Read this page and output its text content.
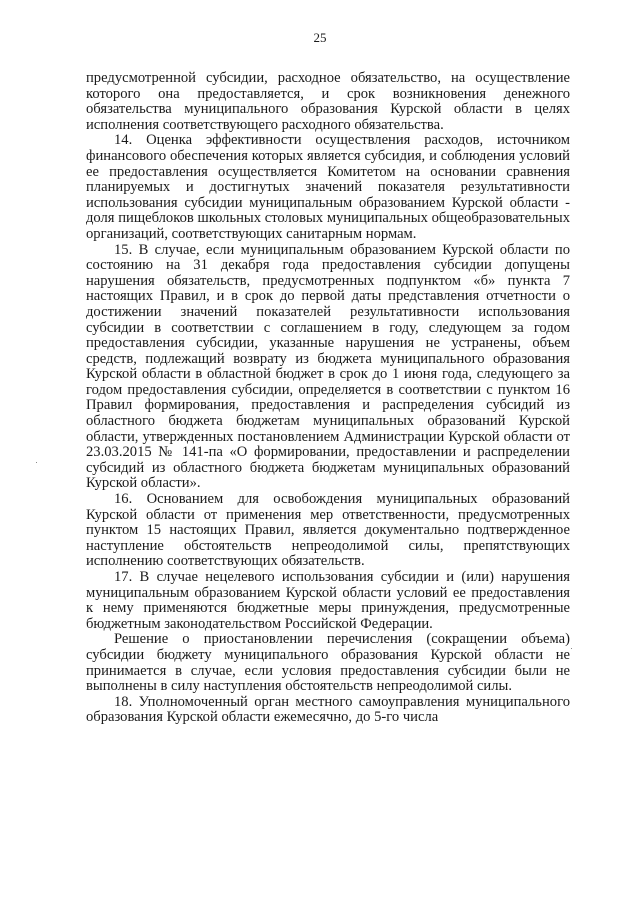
25

предусмотренной субсидии, расходное обязательство, на осуществление которого она предоставляется, и срок возникновения денежного обязательства муниципального образования Курской области в целях исполнения соответствующего расходного обязательства.

14. Оценка эффективности осуществления расходов, источником финансового обеспечения которых является субсидия, и соблюдения условий ее предоставления осуществляется Комитетом на основании сравнения планируемых и достигнутых значений показателя результативности использования субсидии муниципальным образованием Курской области - доля пищеблоков школьных столовых муниципальных общеобразовательных организаций, соответствующих санитарным нормам.

15. В случае, если муниципальным образованием Курской области по состоянию на 31 декабря года предоставления субсидии допущены нарушения обязательств, предусмотренных подпунктом «б» пункта 7 настоящих Правил, и в срок до первой даты представления отчетности о достижении значений показателей результативности использования субсидии в соответствии с соглашением в году, следующем за годом предоставления субсидии, указанные нарушения не устранены, объем средств, подлежащий возврату из бюджета муниципального образования Курской области в областной бюджет в срок до 1 июня года, следующего за годом предоставления субсидии, определяется в соответствии с пунктом 16 Правил формирования, предоставления и распределения субсидий из областного бюджета бюджетам муниципальных образований Курской области, утвержденных постановлением Администрации Курской области от 23.03.2015 № 141-па «О формировании, предоставлении и распределении субсидий из областного бюджета бюджетам муниципальных образований Курской области».

16. Основанием для освобождения муниципальных образований Курской области от применения мер ответственности, предусмотренных пунктом 15 настоящих Правил, является документально подтвержденное наступление обстоятельств непреодолимой силы, препятствующих исполнению соответствующих обязательств.

17. В случае нецелевого использования субсидии и (или) нарушения муниципальным образованием Курской области условий ее предоставления к нему применяются бюджетные меры принуждения, предусмотренные бюджетным законодательством Российской Федерации.

Решение о приостановлении перечисления (сокращении объема) субсидии бюджету муниципального образования Курской области не принимается в случае, если условия предоставления субсидии были не выполнены в силу наступления обстоятельств непреодолимой силы.

18. Уполномоченный орган местного самоуправления муниципального образования Курской области ежемесячно, до 5-го числа
